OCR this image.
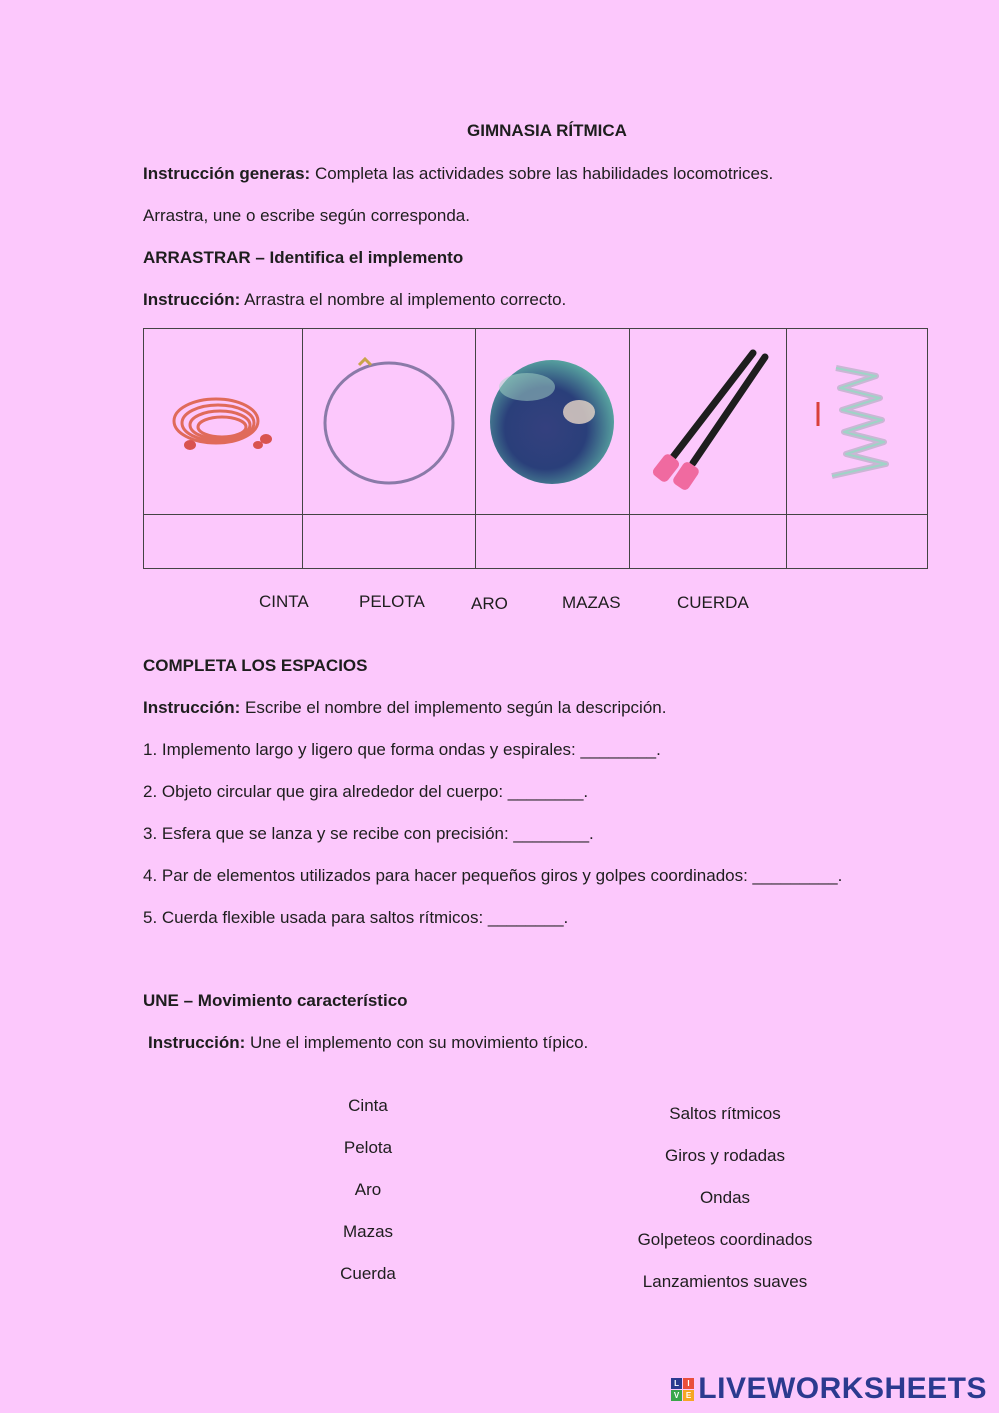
GIMNASIA RÍTMICA
Instrucción generas: Completa las actividades sobre las habilidades locomotrices.
Arrastra, une o escribe según corresponda.
ARRASTRAR – Identifica el implemento
Instrucción: Arrastra el nombre al implemento correcto.

CINTA	PELOTA	ARO	MAZAS	CUERDA
COMPLETA LOS ESPACIOS
Instrucción: Escribe el nombre del implemento según la descripción.
1. Implemento largo y ligero que forma ondas y espirales: ________.
2. Objeto circular que gira alrededor del cuerpo: ________.
3. Esfera que se lanza y se recibe con precisión: ________.
4. Par de elementos utilizados para hacer pequeños giros y golpes coordinados: _________.
5. Cuerda flexible usada para saltos rítmicos: ________.
UNE – Movimiento característico
Instrucción: Une el implemento con su movimiento típico.
Cinta
Pelota
Aro
Mazas
Cuerda
Saltos rítmicos
Giros y rodadas
Ondas
Golpeteos coordinados
Lanzamientos suaves
L I
V E LIVEWORKSHEETS
